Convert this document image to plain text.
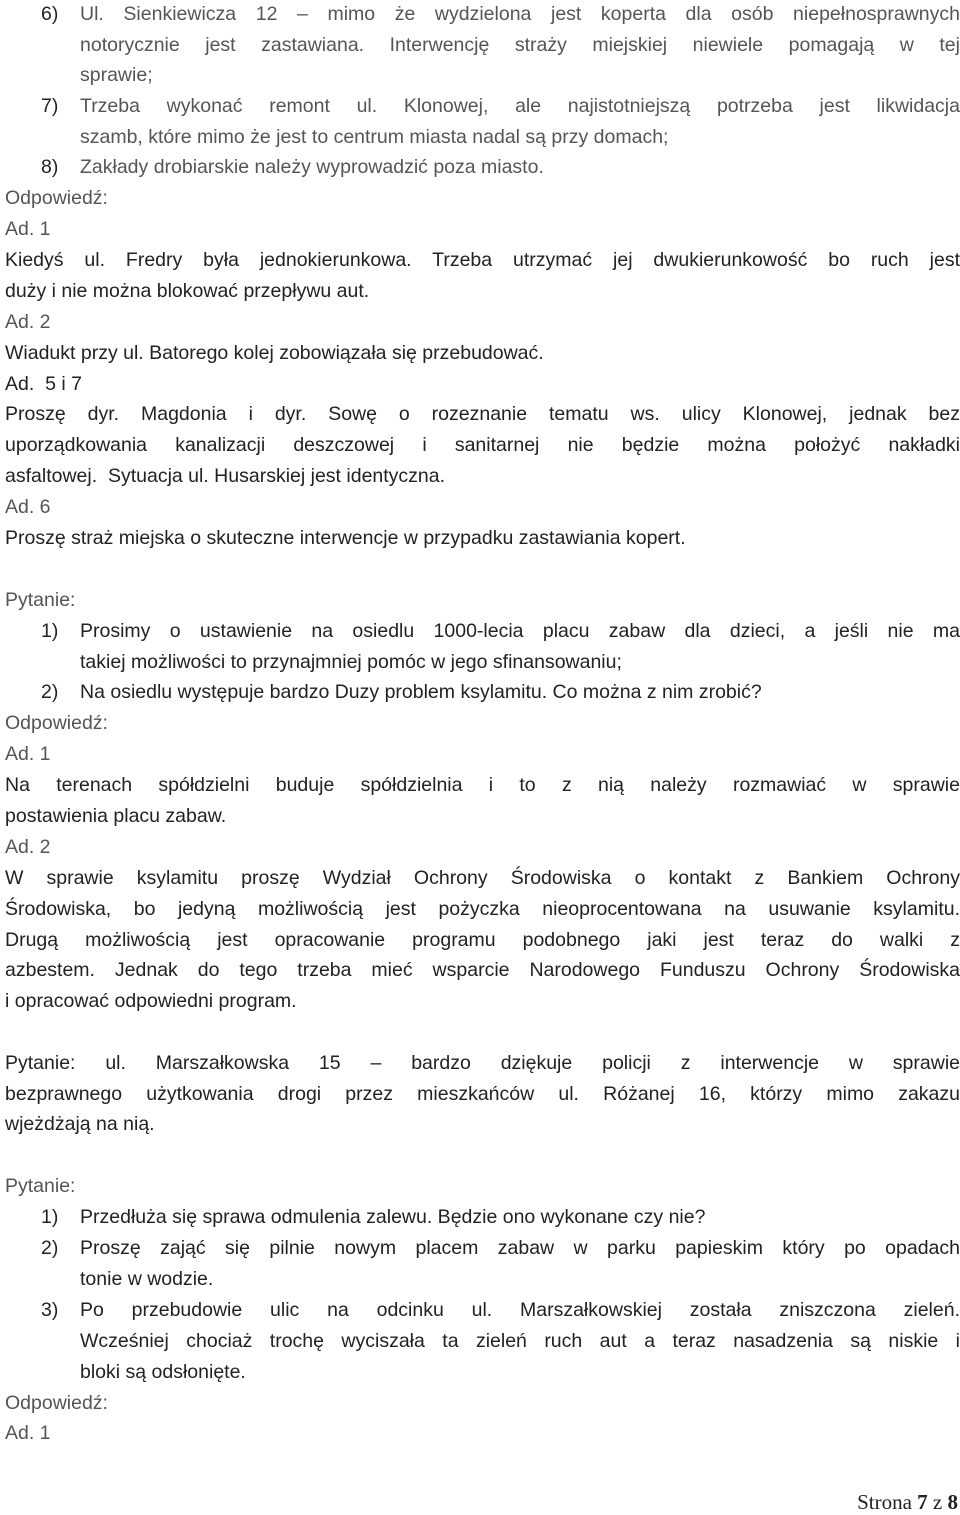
6) Ul. Sienkiewicza 12 – mimo że wydzielona jest koperta dla osób niepełnosprawnych
notorycznie jest zastawiana. Interwencję straży miejskiej niewiele pomagają w tej
sprawie;
7) Trzeba wykonać remont ul. Klonowej, ale najistotniejszą potrzeba jest likwidacja
szamb, które mimo że jest to centrum miasta nadal są przy domach;
8) Zakłady drobiarskie należy wyprowadzić poza miasto.
Odpowiedź:
Ad. 1
Kiedyś ul. Fredry była jednokierunkowa. Trzeba utrzymać jej dwukierunkowość bo ruch jest
duży i nie można blokować przepływu aut.
Ad. 2
Wiadukt przy ul. Batorego kolej zobowiązała się przebudować.
Ad.  5 i 7
Proszę dyr. Magdonia i dyr. Sowę o rozeznanie tematu ws. ulicy Klonowej, jednak bez
uporządkowania kanalizacji deszczowej i sanitarnej nie będzie można położyć nakładki
asfaltowej.  Sytuacja ul. Husarskiej jest identyczna.
Ad. 6
Proszę straż miejska o skuteczne interwencje w przypadku zastawiania kopert.
Pytanie:
1) Prosimy o ustawienie na osiedlu 1000-lecia placu zabaw dla dzieci, a jeśli nie ma
takiej możliwości to przynajmniej pomóc w jego sfinansowaniu;
2) Na osiedlu występuje bardzo Duzy problem ksylamitu. Co można z nim zrobić?
Odpowiedź:
Ad. 1
Na terenach spółdzielni buduje spółdzielnia i to z nią należy rozmawiać w sprawie
postawienia placu zabaw.
Ad. 2
W sprawie ksylamitu proszę Wydział Ochrony Środowiska o kontakt z Bankiem Ochrony
Środowiska, bo jedyną możliwością jest pożyczka nieoprocentowana na usuwanie ksylamitu.
Drugą możliwością jest opracowanie programu podobnego jaki jest teraz do walki z
azbestem. Jednak do tego trzeba mieć wsparcie Narodowego Funduszu Ochrony Środowiska
i opracować odpowiedni program.
Pytanie: ul. Marszałkowska 15 – bardzo dziękuje policji z interwencje w sprawie
bezprawnego użytkowania drogi przez mieszkańców ul. Różanej 16, którzy mimo zakazu
wjeżdżają na nią.
Pytanie:
1) Przedłuża się sprawa odmulenia zalewu. Będzie ono wykonane czy nie?
2) Proszę zająć się pilnie nowym placem zabaw w parku papieskim który po opadach
tonie w wodzie.
3) Po przebudowie ulic na odcinku ul. Marszałkowskiej została zniszczona zieleń.
Wcześniej chociaż trochę wyciszała ta zieleń ruch aut a teraz nasadzenia są niskie i
bloki są odsłonięte.
Odpowiedź:
Ad. 1
Strona 7 z 8
